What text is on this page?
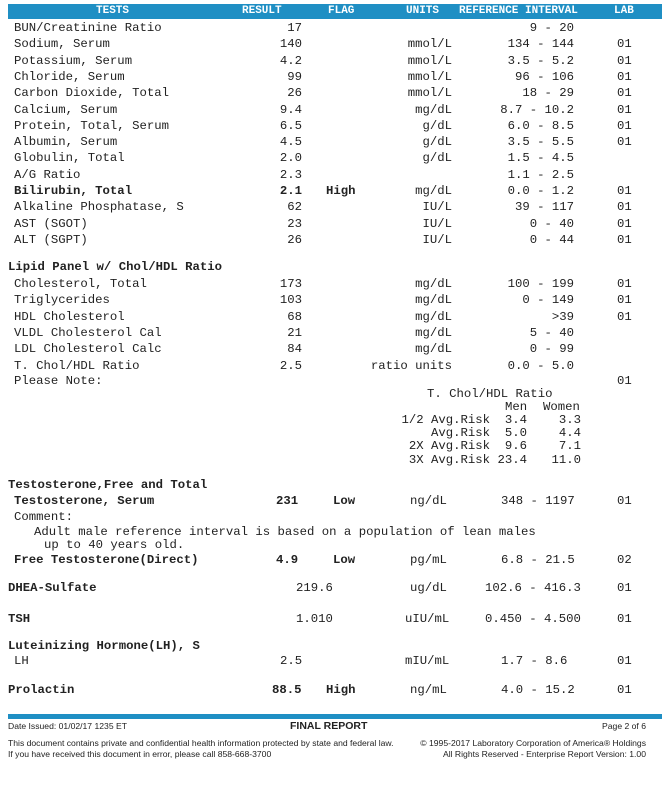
TESTS	RESULT	FLAG	UNITS REFERENCE INTERVAL	LAB
BUN/Creatinine Ratio	17	9 - 20
Sodium, Serum	140	mmol/L	134 - 144	01
Potassium, Serum	4.2	mmol/L	3.5 - 5.2	01
Chloride, Serum	99	mmol/L	96 - 106	01
Carbon Dioxide, Total	26	mmol/L	18 - 29	01
Calcium, Serum	9.4	mg/dL	8.7 - 10.2	01
Protein, Total, Serum	6.5	g/dL	6.0 - 8.5	01
Albumin, Serum	4.5	g/dL	3.5 - 5.5	01
Globulin, Total	2.0	g/dL	1.5 - 4.5
A/G Ratio	2.3	1.1 - 2.5
Bilirubin, Total	2.1 High	mg/dL	0.0 - 1.2	01
Alkaline Phosphatase, S	62	IU/L	39 - 117	01
AST (SGOT)	23	IU/L	0 - 40	01
ALT (SGPT)	26	IU/L	0 - 44	01
Lipid Panel w/ Chol/HDL Ratio
Cholesterol, Total	173	mg/dL	100 - 199	01
Triglycerides	103	mg/dL	0 - 149	01
HDL Cholesterol	68	mg/dL	>39	01
VLDL Cholesterol Cal	21	mg/dL	5 - 40
LDL Cholesterol Calc	84	mg/dL	0 - 99
T. Chol/HDL Ratio	2.5	ratio units	0.0 - 5.0
Please Note:	01
T. Chol/HDL Ratio
Men Women
1/2 Avg.Risk 3.4	3.3
Avg.Risk 5.0	4.4
2X Avg.Risk 9.6	7.1
3X Avg.Risk 23.4 11.0
Testosterone,Free and Total
Testosterone, Serum	231	Low	ng/dL	348 - 1197	01
Comment:
Adult male reference interval is based on a population of lean males
up to 40 years old.
Free Testosterone(Direct)	4.9	Low	pg/mL	6.8 - 21.5	02
DHEA-Sulfate	219.6	ug/dL	102.6 - 416.3	01
TSH	1.010	uIU/mL	0.450 - 4.500	01
Luteinizing Hormone(LH), S
LH	2.5	mIU/mL	1.7 - 8.6	01
Prolactin	88.5 High	ng/mL	4.0 - 15.2	01
Date Issued: 01/02/17 1235 ET	FINAL REPORT	Page 2 of 6
This document contains private and confidential health information protected by state and federal law.
If you have received this document in error, please call 858-668-3700
© 1995-2017 Laboratory Corporation of America® Holdings
All Rights Reserved - Enterprise Report Version: 1.00
